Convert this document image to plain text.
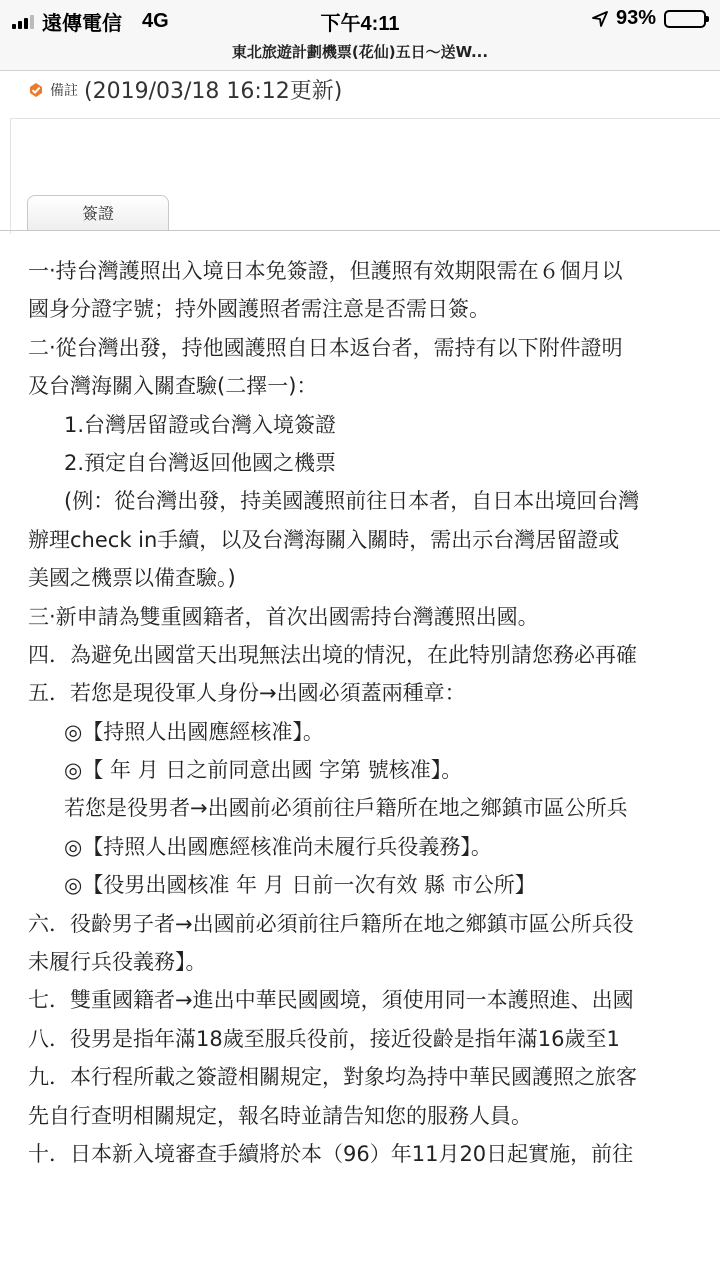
遠傳電信 4G	下午4:11	93%
東北旅遊計劃機票(花仙)五日～送W...
備註 (2019/03/18 16:12更新)
簽證
一‧持台灣護照出入境日本免簽證，但護照有效期限需在６個月以
國身分證字號；持外國護照者需注意是否需日簽。
二‧從台灣出發，持他國護照自日本返台者，需持有以下附件證明
及台灣海關入關查驗(二擇一)：
1.台灣居留證或台灣入境簽證
2.預定自台灣返回他國之機票
(例：從台灣出發，持美國護照前往日本者，自日本出境回台灣
辦理check in手續，以及台灣海關入關時，需出示台灣居留證或
美國之機票以備查驗。)
三‧新申請為雙重國籍者，首次出國需持台灣護照出國。
四．為避免出國當天出現無法出境的情況，在此特別請您務必再確
五．若您是現役軍人身份→出國必須蓋兩種章：
◎【持照人出國應經核准】。
◎【 年 月 日之前同意出國 字第 號核准】。
若您是役男者→出國前必須前往戶籍所在地之鄉鎮市區公所兵
◎【持照人出國應經核准尚未履行兵役義務】。
◎【役男出國核准 年 月 日前一次有效 縣 市公所】
六．役齡男子者→出國前必須前往戶籍所在地之鄉鎮市區公所兵役
未履行兵役義務】。
七．雙重國籍者→進出中華民國國境，須使用同一本護照進、出國
八．役男是指年滿18歲至服兵役前，接近役齡是指年滿16歲至1
九．本行程所載之簽證相關規定，對象均為持中華民國護照之旅客
先自行查明相關規定，報名時並請告知您的服務人員。
十．日本新入境審查手續將於本（96）年11月20日起實施，前往
